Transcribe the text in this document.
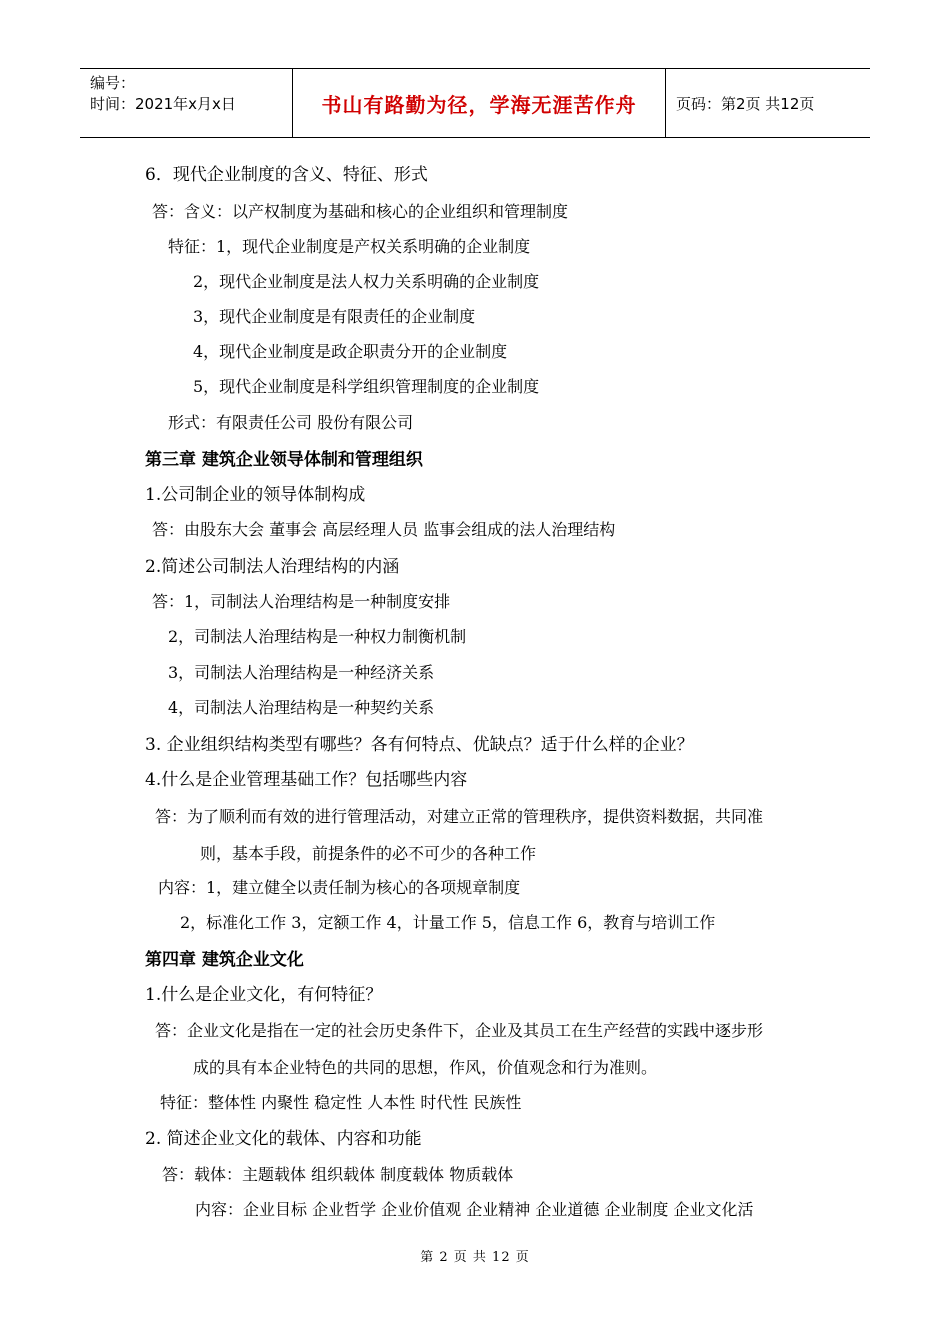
编号：
时间：2021年x月x日	书山有路勤为径，学海无涯苦作舟	页码：第2页 共12页
6．现代企业制度的含义、特征、形式
答：含义：以产权制度为基础和核心的企业组织和管理制度
特征：1，现代企业制度是产权关系明确的企业制度
2，现代企业制度是法人权力关系明确的企业制度
3，现代企业制度是有限责任的企业制度
4，现代企业制度是政企职责分开的企业制度
5，现代企业制度是科学组织管理制度的企业制度
形式：有限责任公司 股份有限公司
第三章 建筑企业领导体制和管理组织
1.公司制企业的领导体制构成
答：由股东大会 董事会 高层经理人员 监事会组成的法人治理结构
2.简述公司制法人治理结构的内涵
答：1，司制法人治理结构是一种制度安排
2，司制法人治理结构是一种权力制衡机制
3，司制法人治理结构是一种经济关系
4，司制法人治理结构是一种契约关系
3. 企业组织结构类型有哪些？各有何特点、优缺点？适于什么样的企业？
4.什么是企业管理基础工作？包括哪些内容
答：为了顺利而有效的进行管理活动，对建立正常的管理秩序，提供资料数据，共同准
则，基本手段，前提条件的必不可少的各种工作
内容：1，建立健全以责任制为核心的各项规章制度
2，标准化工作 3，定额工作 4，计量工作 5，信息工作 6，教育与培训工作
第四章 建筑企业文化
1.什么是企业文化，有何特征？
答：企业文化是指在一定的社会历史条件下，企业及其员工在生产经营的实践中逐步形
成的具有本企业特色的共同的思想，作风，价值观念和行为准则。
特征：整体性 内聚性 稳定性 人本性 时代性 民族性
2. 简述企业文化的载体、内容和功能
答：载体：主题载体 组织载体 制度载体 物质载体
内容：企业目标 企业哲学 企业价值观 企业精神 企业道德 企业制度 企业文化活
第 2 页 共 12 页
